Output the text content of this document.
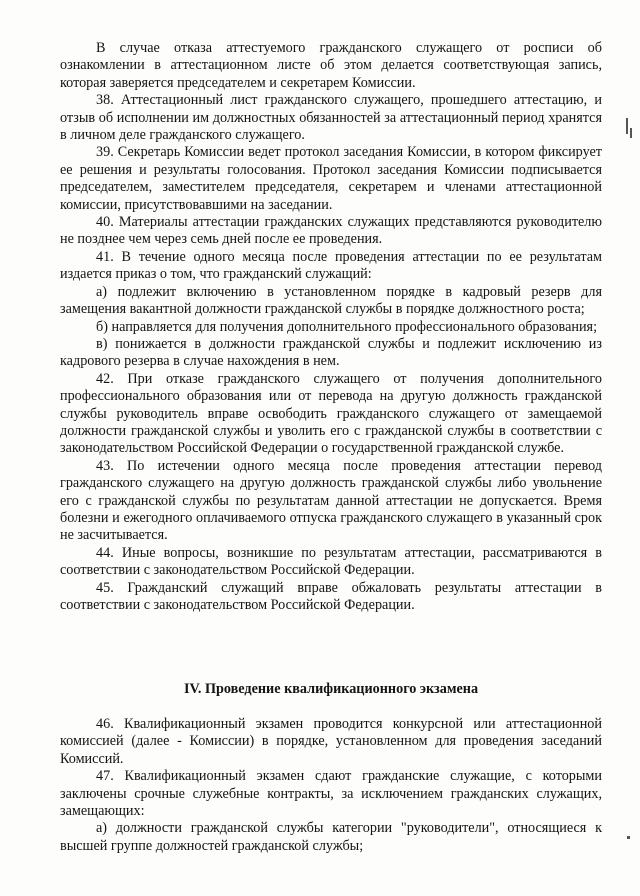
В случае отказа аттестуемого гражданского служащего от росписи об ознакомлении в аттестационном листе об этом делается соответствующая запись, которая заверяется председателем и секретарем Комиссии.

38. Аттестационный лист гражданского служащего, прошедшего аттестацию, и отзыв об исполнении им должностных обязанностей за аттестационный период хранятся в личном деле гражданского служащего.

39. Секретарь Комиссии ведет протокол заседания Комиссии, в котором фиксирует ее решения и результаты голосования. Протокол заседания Комиссии подписывается председателем, заместителем председателя, секретарем и членами аттестационной комиссии, присутствовавшими на заседании.

40. Материалы аттестации гражданских служащих представляются руководителю не позднее чем через семь дней после ее проведения.

41. В течение одного месяца после проведения аттестации по ее результатам издается приказ о том, что гражданский служащий:

а) подлежит включению в установленном порядке в кадровый резерв для замещения вакантной должности гражданской службы в порядке должностного роста;

б) направляется для получения дополнительного профессионального образования;

в) понижается в должности гражданской службы и подлежит исключению из кадрового резерва в случае нахождения в нем.

42. При отказе гражданского служащего от получения дополнительного профессионального образования или от перевода на другую должность гражданской службы руководитель вправе освободить гражданского служащего от замещаемой должности гражданской службы и уволить его с гражданской службы в соответствии с законодательством Российской Федерации о государственной гражданской службе.

43. По истечении одного месяца после проведения аттестации перевод гражданского служащего на другую должность гражданской службы либо увольнение его с гражданской службы по результатам данной аттестации не допускается. Время болезни и ежегодного оплачиваемого отпуска гражданского служащего в указанный срок не засчитывается.

44. Иные вопросы, возникшие по результатам аттестации, рассматриваются в соответствии с законодательством Российской Федерации.

45. Гражданский служащий вправе обжаловать результаты аттестации в соответствии с законодательством Российской Федерации.

IV. Проведение квалификационного экзамена

46. Квалификационный экзамен проводится конкурсной или аттестационной комиссией (далее - Комиссии) в порядке, установленном для проведения заседаний Комиссий.

47. Квалификационный экзамен сдают гражданские служащие, с которыми заключены срочные служебные контракты, за исключением гражданских служащих, замещающих:

а) должности гражданской службы категории "руководители", относящиеся к высшей группе должностей гражданской службы;
